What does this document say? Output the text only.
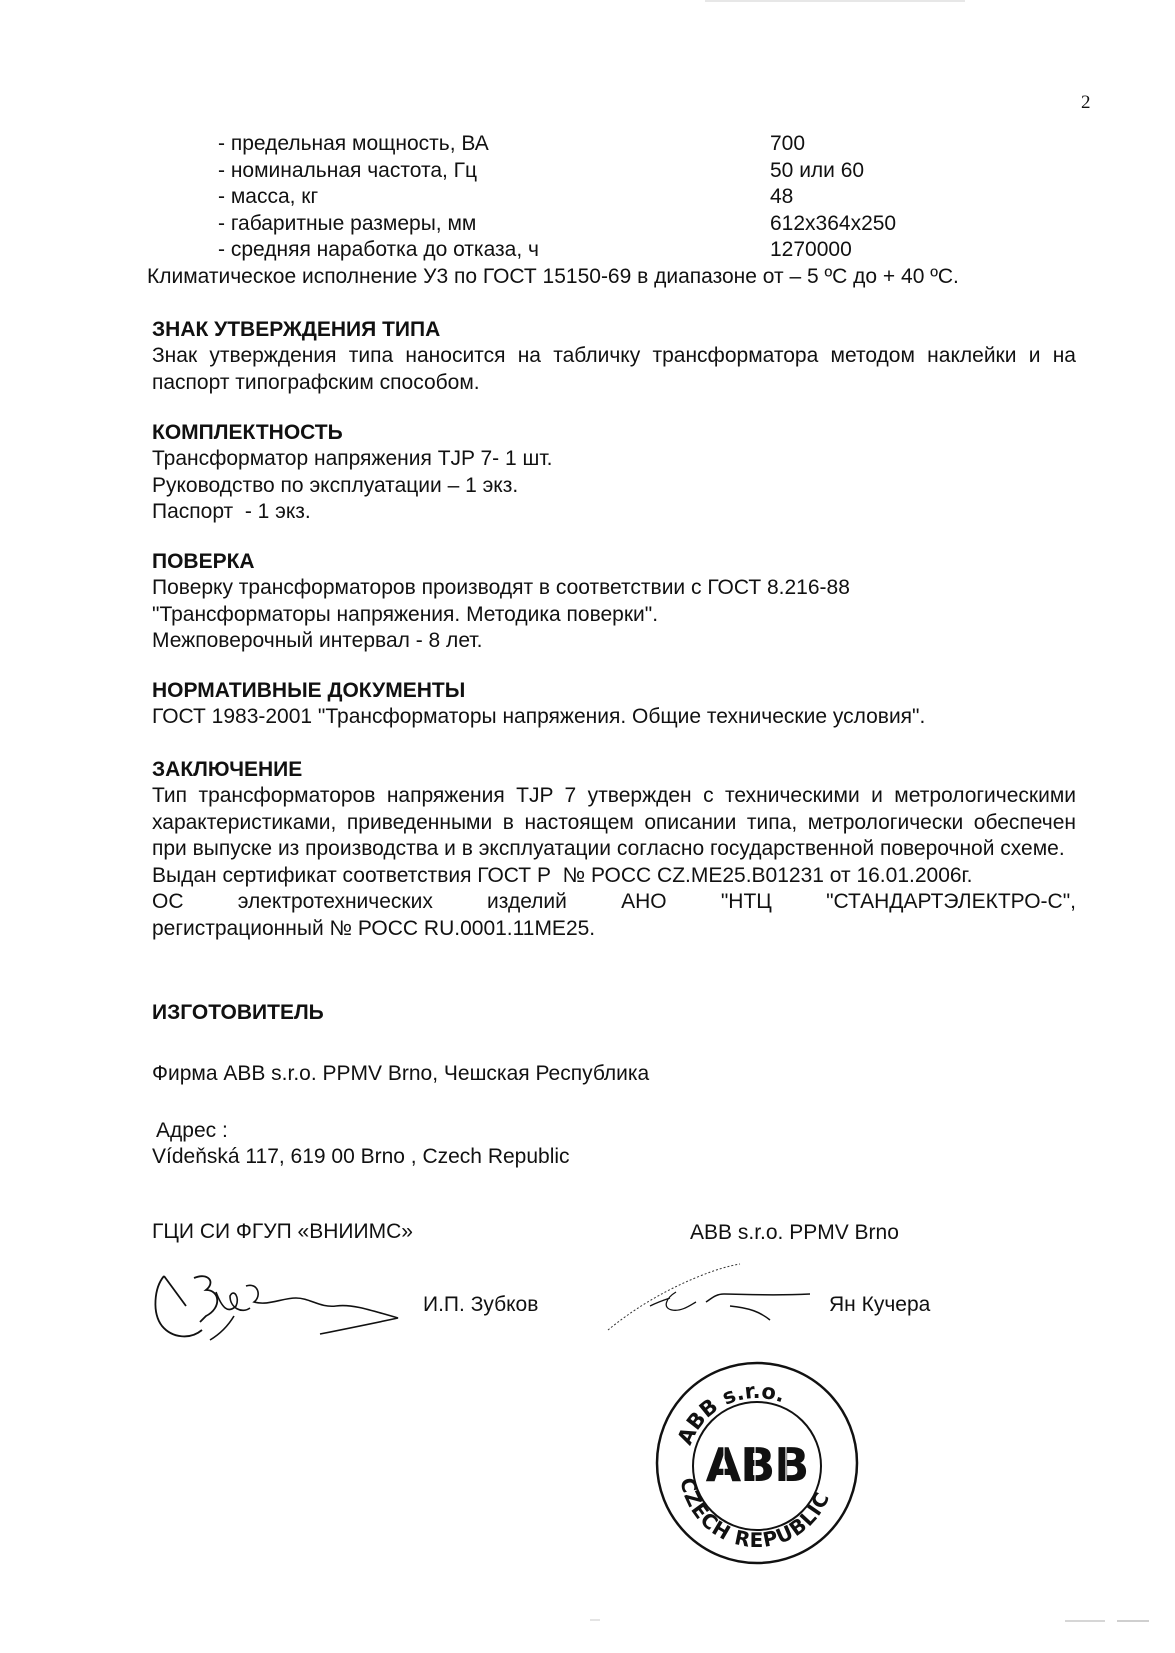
2
- предельная мощность, ВА	700
- номинальная частота, Гц	50 или 60
- масса, кг	48
- габаритные размеры, мм	612x364x250
- средняя наработка до отказа, ч	1270000
Климатическое исполнение У3 по ГОСТ 15150-69 в диапазоне от – 5 ºС до + 40 ºС.

ЗНАК УТВЕРЖДЕНИЯ ТИПА

Знак утверждения типа наносится на табличку трансформатора методом наклейки и на паспорт типографским способом.

КОМПЛЕКТНОСТЬ

Трансформатор напряжения TJP 7- 1 шт.

Руководство по эксплуатации – 1 экз.

Паспорт  - 1 экз.

ПОВЕРКА

Поверку трансформаторов производят в соответствии с ГОСТ 8.216-88

"Трансформаторы напряжения. Методика поверки".

Межповерочный интервал - 8 лет.

НОРМАТИВНЫЕ ДОКУМЕНТЫ

ГОСТ 1983-2001 "Трансформаторы напряжения. Общие технические условия".

ЗАКЛЮЧЕНИЕ

Тип трансформаторов напряжения TJP 7 утвержден с техническими и метрологическими характеристиками, приведенными в настоящем описании типа, метрологически обеспечен при выпуске из производства и в эксплуатации согласно государственной поверочной схеме.

Выдан сертификат соответствия ГОСТ Р  № РОСС CZ.ME25.B01231 от 16.01.2006г.

ОС электротехнических изделий АНО "НТЦ "СТАНДАРТЭЛЕКТРО-С",

регистрационный № РОСС RU.0001.11ME25.

ИЗГОТОВИТЕЛЬ

Фирма ABB s.r.o. PPMV Brno, Чешская Республика
Адрес :
Vídeňská 117, 619 00 Brno , Czech Republic
ГЦИ СИ ФГУП «ВНИИМС»	ABB s.r.o. PPMV Brno
И.П. Зубков	Ян Кучера
ABB s.r.o.
CZECH REPUBLIC
ABB
